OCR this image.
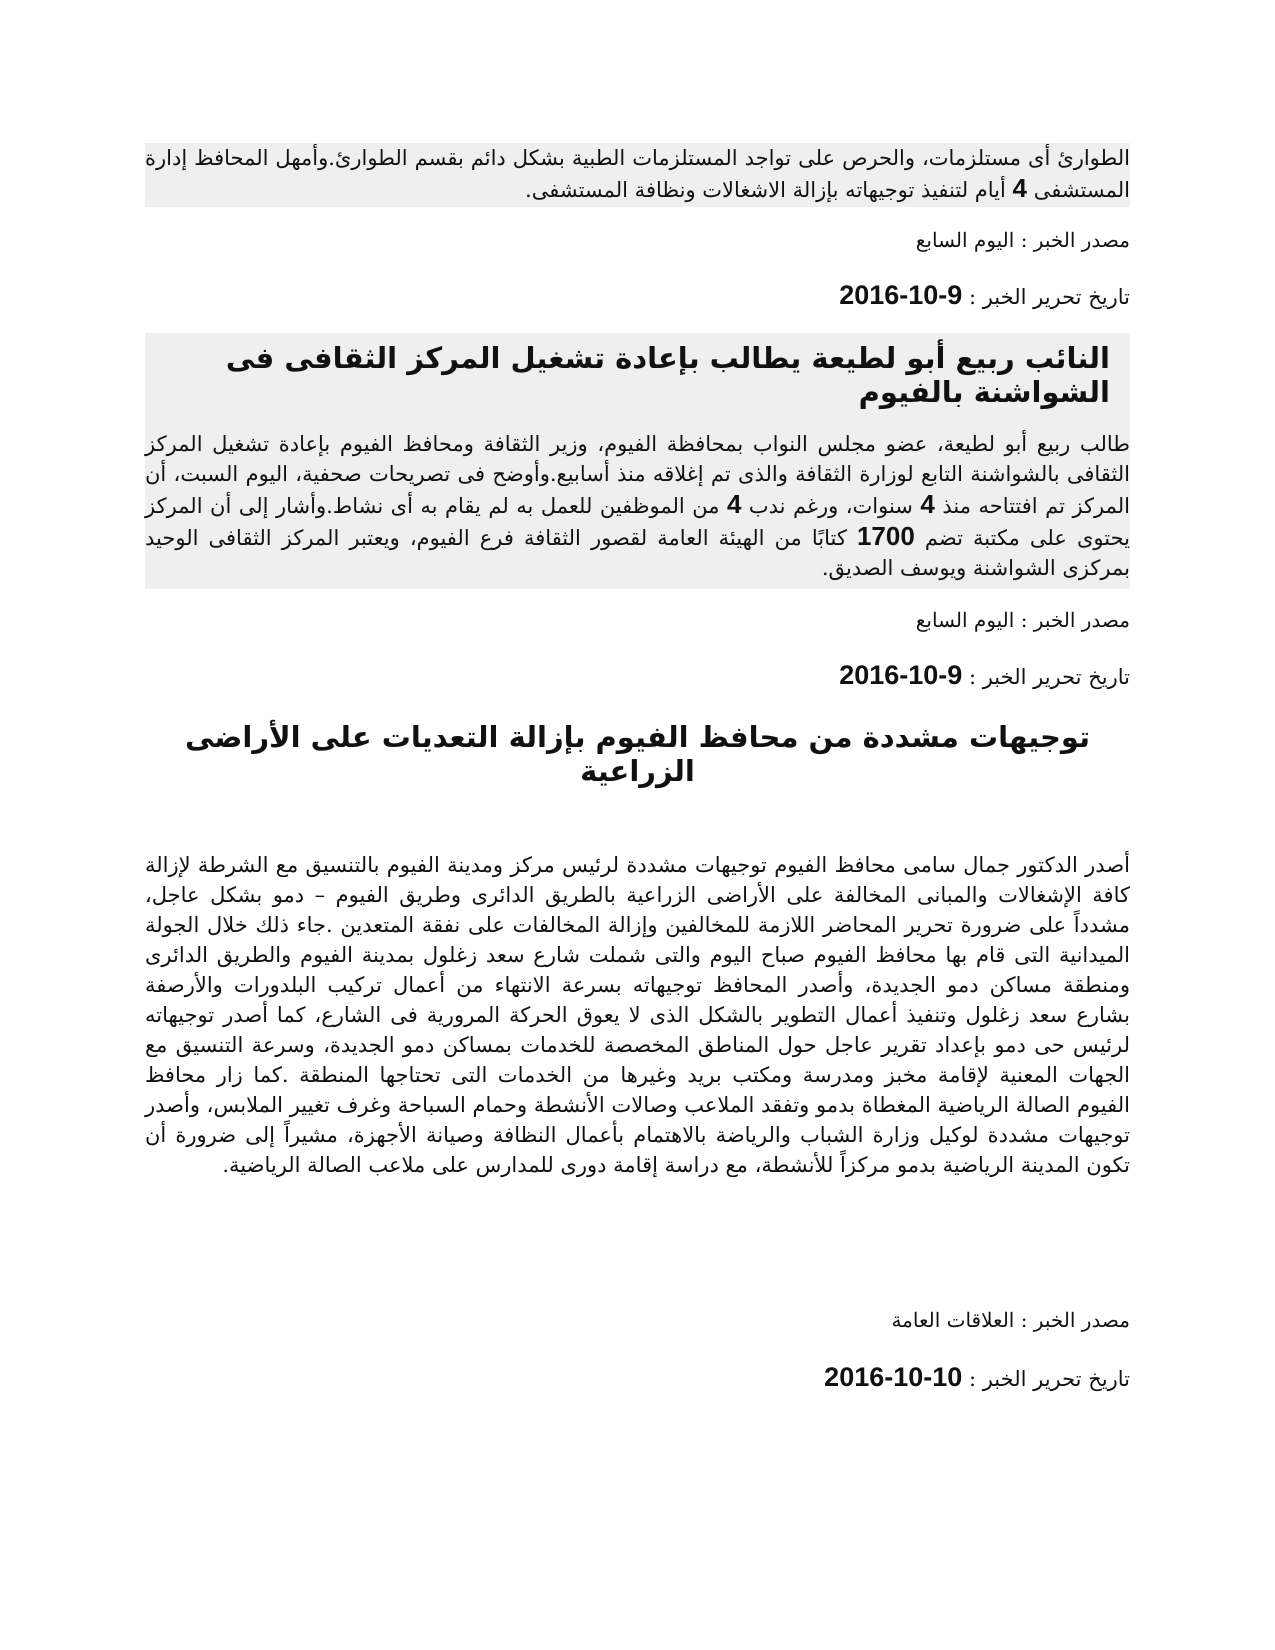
الطوارئ أى مستلزمات، والحرص على تواجد المستلزمات الطبية بشكل دائم بقسم الطوارئ.وأمهل المحافظ إدارة المستشفى 4 أيام لتنفيذ توجيهاته بإزالة الاشغالات ونظافة المستشفى.

مصدر الخبر : اليوم السابع

تاريخ تحرير الخبر : 2016-10-9

النائب ربيع أبو لطيعة يطالب بإعادة تشغيل المركز الثقافى فى الشواشنة بالفيوم
طالب ربيع أبو لطيعة، عضو مجلس النواب بمحافظة الفيوم، وزير الثقافة ومحافظ الفيوم بإعادة تشغيل المركز الثقافى بالشواشنة التابع لوزارة الثقافة والذى تم إغلاقه منذ أسابيع.وأوضح فى تصريحات صحفية، اليوم السبت، أن المركز تم افتتاحه منذ 4 سنوات، ورغم ندب 4 من الموظفين للعمل به لم يقام به أى نشاط.وأشار إلى أن المركز يحتوى على مكتبة تضم 1700 كتابًا من الهيئة العامة لقصور الثقافة فرع الفيوم، ويعتبر المركز الثقافى الوحيد بمركزى الشواشنة ويوسف الصديق.

مصدر الخبر : اليوم السابع

تاريخ تحرير الخبر : 2016-10-9

توجيهات مشددة من محافظ الفيوم بإزالة التعديات على الأراضى الزراعية
أصدر الدكتور جمال سامى محافظ الفيوم توجيهات مشددة لرئيس مركز ومدينة الفيوم بالتنسيق مع الشرطة لإزالة كافة الإشغالات والمبانى المخالفة على الأراضى الزراعية بالطريق الدائرى وطريق الفيوم – دمو بشكل عاجل، مشدداً على ضرورة تحرير المحاضر اللازمة للمخالفين وإزالة المخالفات على نفقة المتعدين .جاء ذلك خلال الجولة الميدانية التى قام بها محافظ الفيوم صباح اليوم والتى شملت شارع سعد زغلول بمدينة الفيوم والطريق الدائرى ومنطقة مساكن دمو الجديدة، وأصدر المحافظ توجيهاته بسرعة الانتهاء من أعمال تركيب البلدورات والأرصفة بشارع سعد زغلول وتنفيذ أعمال التطوير بالشكل الذى لا يعوق الحركة المرورية فى الشارع، كما أصدر توجيهاته لرئيس حى دمو بإعداد تقرير عاجل حول المناطق المخصصة للخدمات بمساكن دمو الجديدة، وسرعة التنسيق مع الجهات المعنية لإقامة مخبز ومدرسة ومكتب بريد وغيرها من الخدمات التى تحتاجها المنطقة .كما زار محافظ الفيوم الصالة الرياضية المغطاة بدمو وتفقد الملاعب وصالات الأنشطة وحمام السباحة وغرف تغيير الملابس، وأصدر توجيهات مشددة لوكيل وزارة الشباب والرياضة بالاهتمام بأعمال النظافة وصيانة الأجهزة، مشيراً إلى ضرورة أن تكون المدينة الرياضية بدمو مركزاً للأنشطة، مع دراسة إقامة دورى للمدارس على ملاعب الصالة الرياضية.

مصدر الخبر : العلاقات العامة

تاريخ تحرير الخبر : 2016-10-10
